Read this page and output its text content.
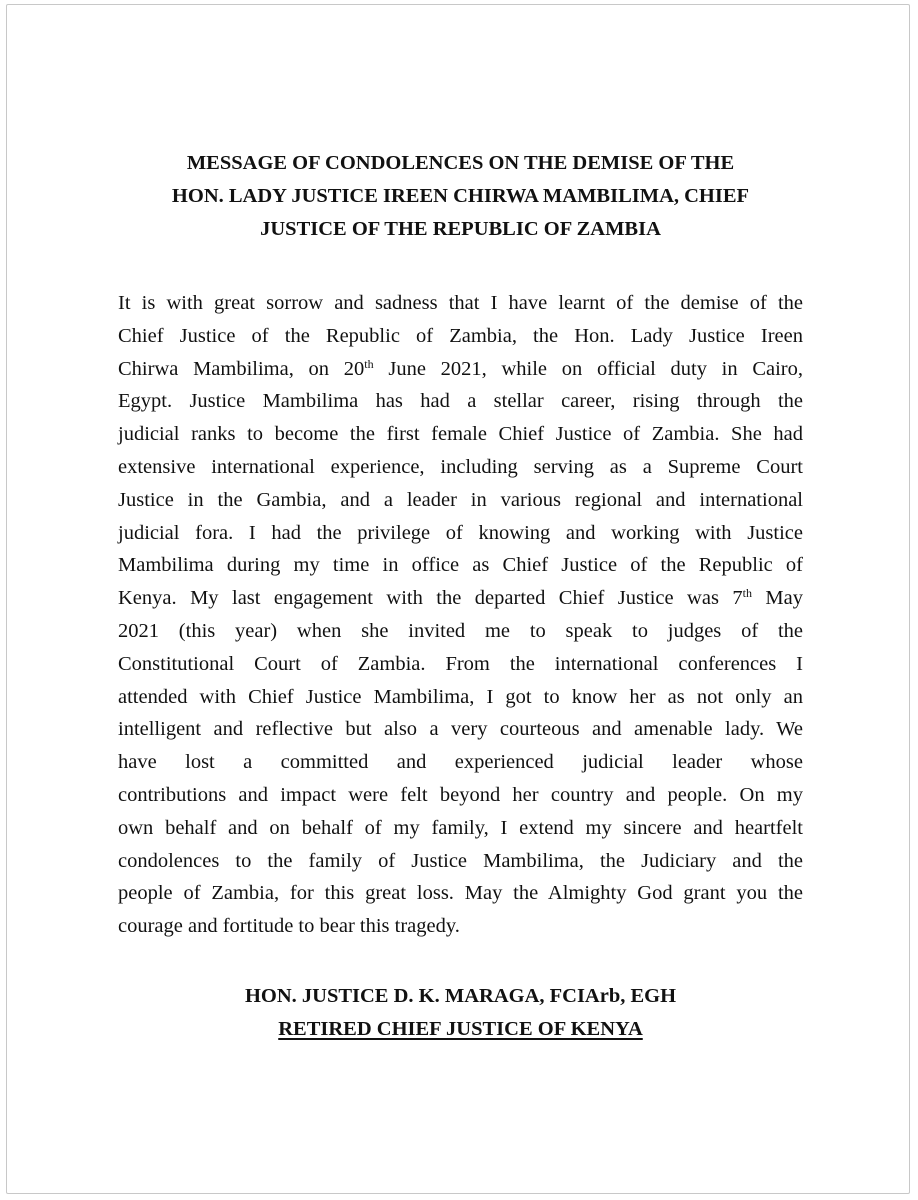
MESSAGE OF CONDOLENCES ON THE DEMISE OF THE
HON. LADY JUSTICE IREEN CHIRWA MAMBILIMA, CHIEF
JUSTICE OF THE REPUBLIC OF ZAMBIA
It is with great sorrow and sadness that I have learnt of the demise of the
Chief Justice of the Republic of Zambia, the Hon. Lady Justice Ireen
Chirwa Mambilima, on 20th June 2021, while on official duty in Cairo,
Egypt. Justice Mambilima has had a stellar career, rising through the
judicial ranks to become the first female Chief Justice of Zambia. She had
extensive international experience, including serving as a Supreme Court
Justice in the Gambia, and a leader in various regional and international
judicial fora. I had the privilege of knowing and working with Justice
Mambilima during my time in office as Chief Justice of the Republic of
Kenya. My last engagement with the departed Chief Justice was 7th May
2021 (this year) when she invited me to speak to judges of the
Constitutional Court of Zambia. From the international conferences I
attended with Chief Justice Mambilima, I got to know her as not only an
intelligent and reflective but also a very courteous and amenable lady. We
have lost a committed and experienced judicial leader whose
contributions and impact were felt beyond her country and people. On my
own behalf and on behalf of my family, I extend my sincere and heartfelt
condolences to the family of Justice Mambilima, the Judiciary and the
people of Zambia, for this great loss. May the Almighty God grant you the
courage and fortitude to bear this tragedy.
HON. JUSTICE D. K. MARAGA, FCIArb, EGH
RETIRED CHIEF JUSTICE OF KENYA
